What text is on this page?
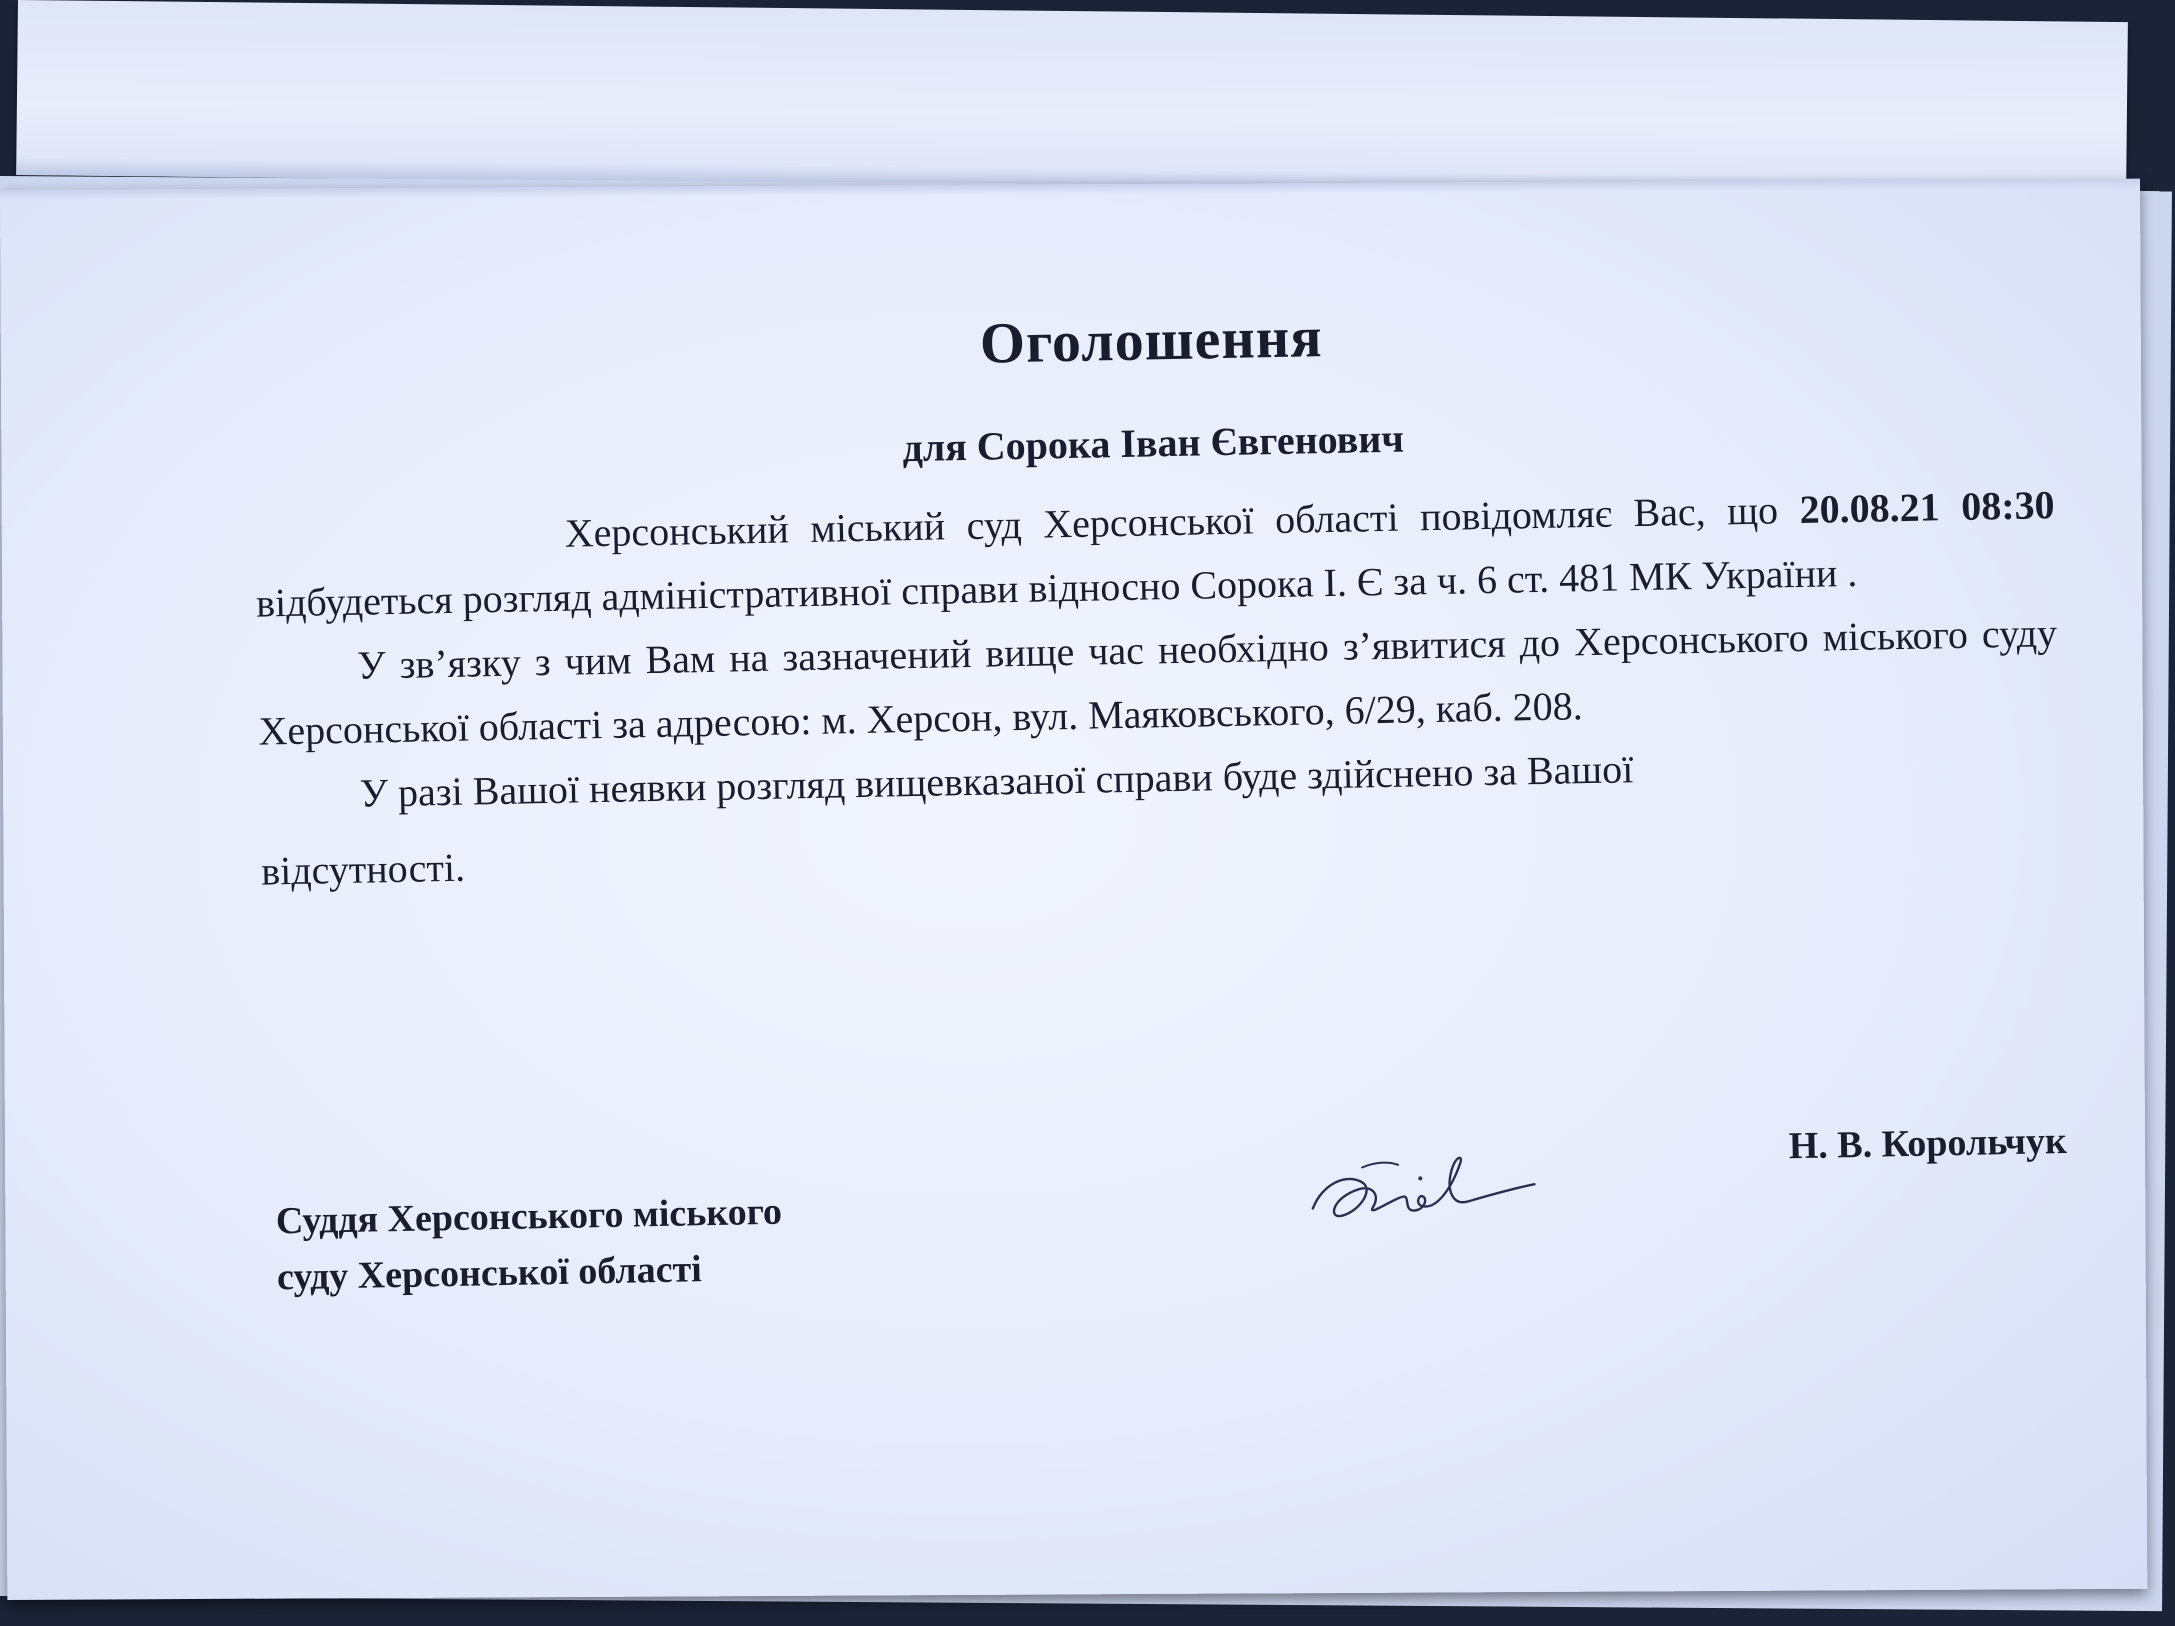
Оголошення
для Сорока Іван Євгенович

Херсонський міський суд Херсонської області повідомляє Вас, що 20.08.21 08:30 відбудеться розгляд адміністративної справи відносно Сорока І. Є за ч. 6 ст. 481 МК України .

У зв’язку з чим Вам на зазначений вище час необхідно з’явитися до Херсонського міського суду Херсонської області за адресою: м. Херсон, вул. Маяковського, 6/29, каб. 208.

У разі Вашої неявки розгляд вищевказаної справи буде здійснено за Вашої

відсутності.
Суддя Херсонського міського
суду Херсонської області
Н. В. Корольчук
